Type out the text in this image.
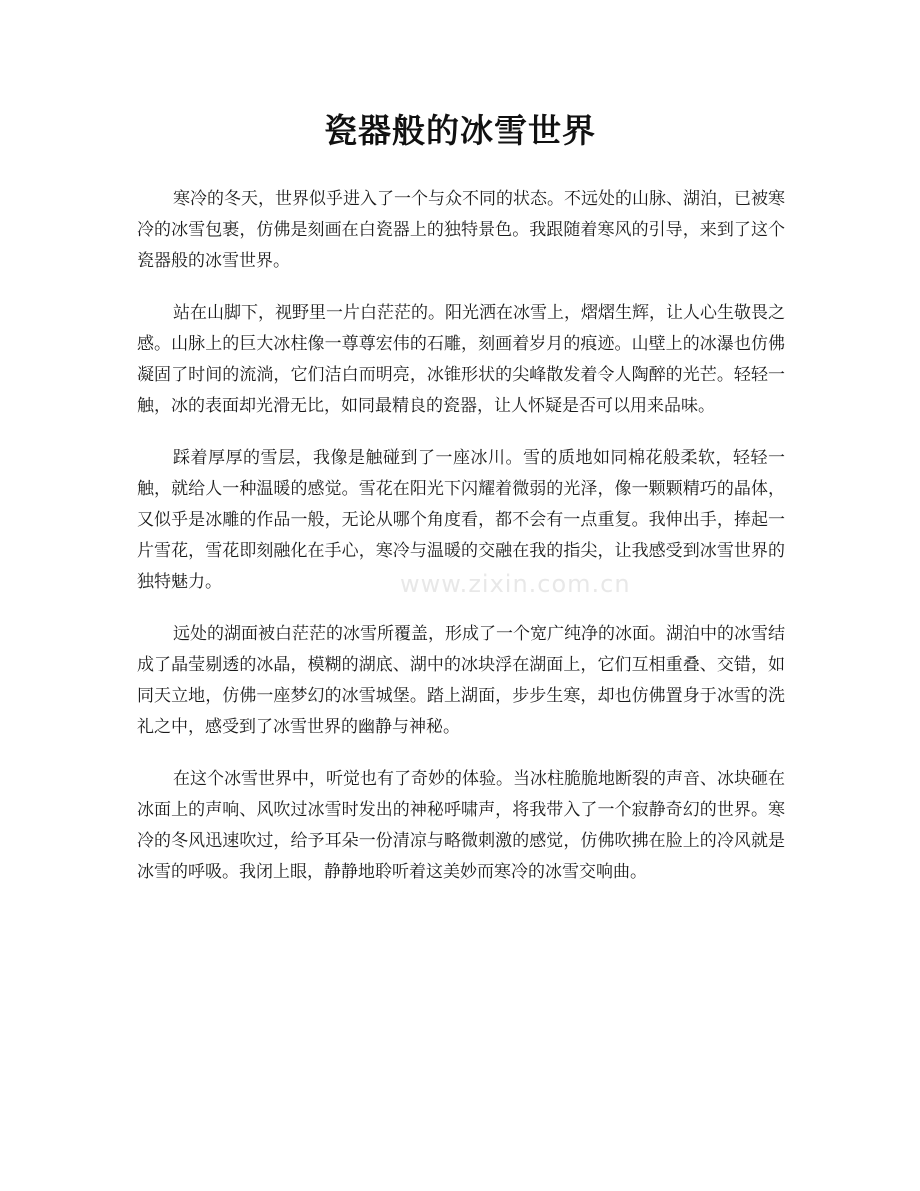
瓷器般的冰雪世界
www.zixin.com.cn

寒冷的冬天，世界似乎进入了一个与众不同的状态。不远处的山脉、湖泊，已被寒冷的冰雪包裹，仿佛是刻画在白瓷器上的独特景色。我跟随着寒风的引导，来到了这个瓷器般的冰雪世界。

站在山脚下，视野里一片白茫茫的。阳光洒在冰雪上，熠熠生辉，让人心生敬畏之感。山脉上的巨大冰柱像一尊尊宏伟的石雕，刻画着岁月的痕迹。山壁上的冰瀑也仿佛凝固了时间的流淌，它们洁白而明亮，冰锥形状的尖峰散发着令人陶醉的光芒。轻轻一触，冰的表面却光滑无比，如同最精良的瓷器，让人怀疑是否可以用来品味。

踩着厚厚的雪层，我像是触碰到了一座冰川。雪的质地如同棉花般柔软，轻轻一触，就给人一种温暖的感觉。雪花在阳光下闪耀着微弱的光泽，像一颗颗精巧的晶体，又似乎是冰雕的作品一般，无论从哪个角度看，都不会有一点重复。我伸出手，捧起一片雪花，雪花即刻融化在手心，寒冷与温暖的交融在我的指尖，让我感受到冰雪世界的独特魅力。

远处的湖面被白茫茫的冰雪所覆盖，形成了一个宽广纯净的冰面。湖泊中的冰雪结成了晶莹剔透的冰晶，模糊的湖底、湖中的冰块浮在湖面上，它们互相重叠、交错，如同天立地，仿佛一座梦幻的冰雪城堡。踏上湖面，步步生寒，却也仿佛置身于冰雪的洗礼之中，感受到了冰雪世界的幽静与神秘。

在这个冰雪世界中，听觉也有了奇妙的体验。当冰柱脆脆地断裂的声音、冰块砸在冰面上的声响、风吹过冰雪时发出的神秘呼啸声，将我带入了一个寂静奇幻的世界。寒冷的冬风迅速吹过，给予耳朵一份清凉与略微刺激的感觉，仿佛吹拂在脸上的冷风就是冰雪的呼吸。我闭上眼，静静地聆听着这美妙而寒冷的冰雪交响曲。
